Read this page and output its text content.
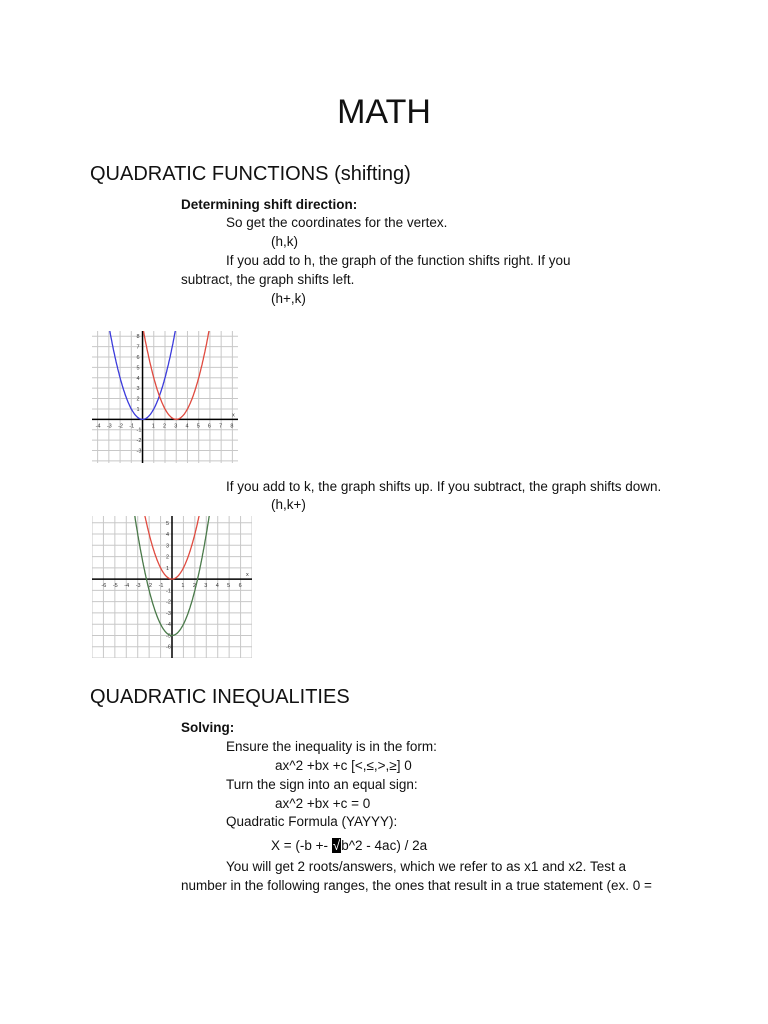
MATH
QUADRATIC FUNCTIONS (shifting)
Determining shift direction:
So get the coordinates for the vertex.
(h,k)
If you add to h, the graph of the function shifts right. If you
subtract, the graph shifts left.
(h+,k)
-4 -3 -2 -1	1 2 3 4 5 6 7 8
8
7
6
5
4
3
2
1
-1
-2
-3
x
If you add to k, the graph shifts up. If you subtract, the graph shifts down.
(h,k+)
-6 -5 -4 -3 -2 -1	1 2 3 4 5 6
5
4
3
2
1
-1
-2
-3
-4
-5
-6
x
QUADRATIC INEQUALITIES
Solving:
Ensure the inequality is in the form:
ax^2 +bx +c [<,≤,>,≥] 0
Turn the sign into an equal sign:
ax^2 +bx +c = 0
Quadratic Formula (YAYYY):
X = (-b +- √b^2 - 4ac) / 2a
You will get 2 roots/answers, which we refer to as x1 and x2. Test a
number in the following ranges, the ones that result in a true statement (ex. 0 =
